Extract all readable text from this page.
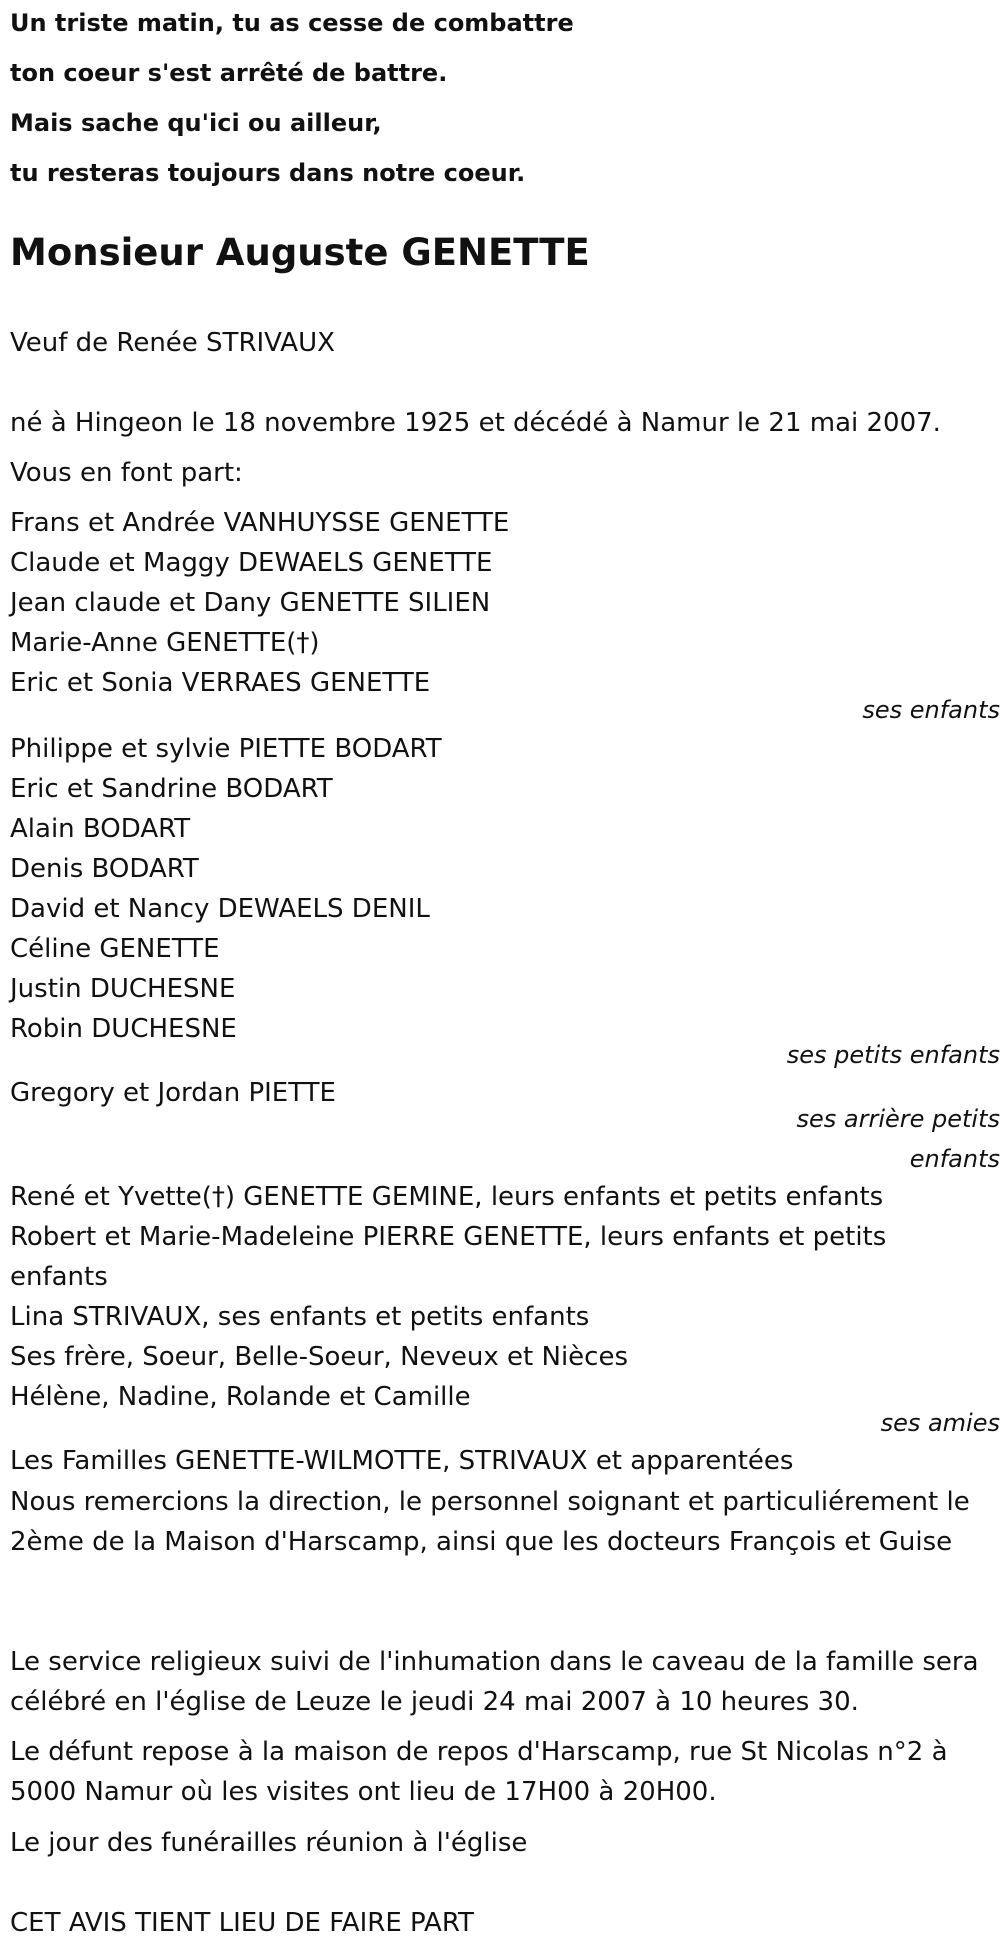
Un triste matin, tu as cesse de combattre
ton coeur s'est arrêté de battre.
Mais sache qu'ici ou ailleur,
tu resteras toujours dans notre coeur.
Monsieur Auguste GENETTE
Veuf de Renée STRIVAUX
né à Hingeon le 18 novembre 1925 et décédé à Namur le 21 mai 2007.
Vous en font part:
Frans et Andrée VANHUYSSE GENETTE
Claude et Maggy DEWAELS GENETTE
Jean claude et Dany GENETTE SILIEN
Marie-Anne GENETTE(†)
Eric et Sonia VERRAES GENETTE
ses enfants
Philippe et sylvie PIETTE BODART
Eric et Sandrine BODART
Alain BODART
Denis BODART
David et Nancy DEWAELS DENIL
Céline GENETTE
Justin DUCHESNE
Robin DUCHESNE
ses petits enfants
Gregory et Jordan PIETTE
ses arrière petits
enfants
René et Yvette(†) GENETTE GEMINE, leurs enfants et petits enfants
Robert et Marie-Madeleine PIERRE GENETTE, leurs enfants et petits
enfants
Lina STRIVAUX, ses enfants et petits enfants
Ses frère, Soeur, Belle-Soeur, Neveux et Nièces
Hélène, Nadine, Rolande et Camille
ses amies
Les Familles GENETTE-WILMOTTE, STRIVAUX et apparentées
Nous remercions la direction, le personnel soignant et particuliérement le 2ème de la Maison d'Harscamp, ainsi que les docteurs François et Guise
Le service religieux suivi de l'inhumation dans le caveau de la famille sera célébré en l'église de Leuze le jeudi 24 mai 2007 à 10 heures 30.
Le défunt repose à la maison de repos d'Harscamp, rue St Nicolas n°2 à 5000 Namur où les visites ont lieu de 17H00 à 20H00.
Le jour des funérailles réunion à l'église
CET AVIS TIENT LIEU DE FAIRE PART
